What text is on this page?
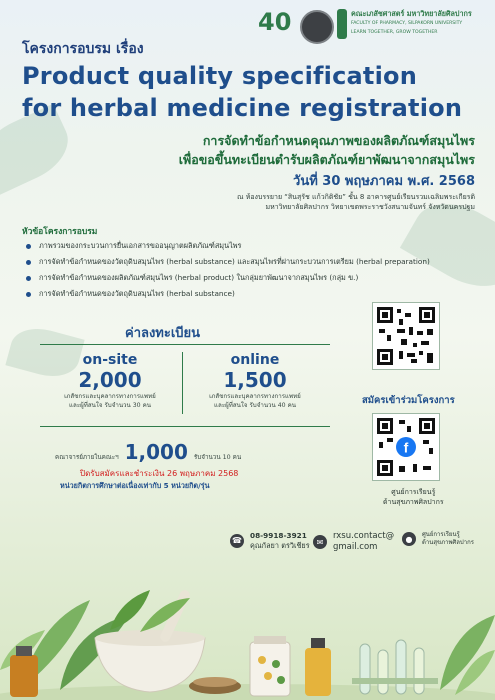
40	คณะเภสัชศาสตร์ มหาวิทยาลัยศิลปากร
FACULTY OF PHARMACY, SILPAKORN UNIVERSITY
LEARN TOGETHER, GROW TOGETHER
โครงการอบรม เรื่อง
Product quality specification
for herbal medicine registration
การจัดทำข้อกำหนดคุณภาพของผลิตภัณฑ์สมุนไพร
เพื่อขอขึ้นทะเบียนตำรับผลิตภัณฑ์ยาพัฒนาจากสมุนไพร
วันที่ 30 พฤษภาคม พ.ศ. 2568
ณ ห้องบรรยาย “สินสุรัช แก้วกิติชัย” ชั้น 8 อาคารศูนย์เรียนรวมเฉลิมพระเกียรติ
มหาวิทยาลัยศิลปากร วิทยาเขตพระราชวังสนามจันทร์ จังหวัดนครปฐม
หัวข้อโครงการอบรม
ภาพรวมของกระบวนการยื่นเอกสารขออนุญาตผลิตภัณฑ์สมุนไพร
การจัดทำข้อกำหนดของวัตถุดิบสมุนไพร (herbal substance) และสมุนไพรที่ผ่านกระบวนการเตรียม (herbal preparation)
การจัดทำข้อกำหนดของผลิตภัณฑ์สมุนไพร (herbal product) ในกลุ่มยาพัฒนาจากสมุนไพร (กลุ่ม ข.)
การจัดทำข้อกำหนดของวัตถุดิบสมุนไพร (herbal substance)
ค่าลงทะเบียน
on-site
2,000
เภสัชกรและบุคลากรทางการแพทย์
และผู้ที่สนใจ รับจำนวน 30 คน
online
1,500
เภสัชกรและบุคลากรทางการแพทย์
และผู้ที่สนใจ รับจำนวน 40 คน
คณาจารย์ภายในคณะฯ 1,000 รับจำนวน 10 คน
ปิดรับสมัครและชำระเงิน 26 พฤษภาคม 2568
หน่วยกิตการศึกษาต่อเนื่องเท่ากับ 5 หน่วยกิต/รุ่น
สมัครเข้าร่วมโครงการ
f
ศูนย์การเรียนรู้
ด้านสุขภาพศิลปากร
☎
08-9918-3921
คุณกัลยา ตรวิเชียร ✉
rxsu.contact@
gmail.com
●
ศูนย์การเรียนรู้
ด้านสุขภาพศิลปากร
